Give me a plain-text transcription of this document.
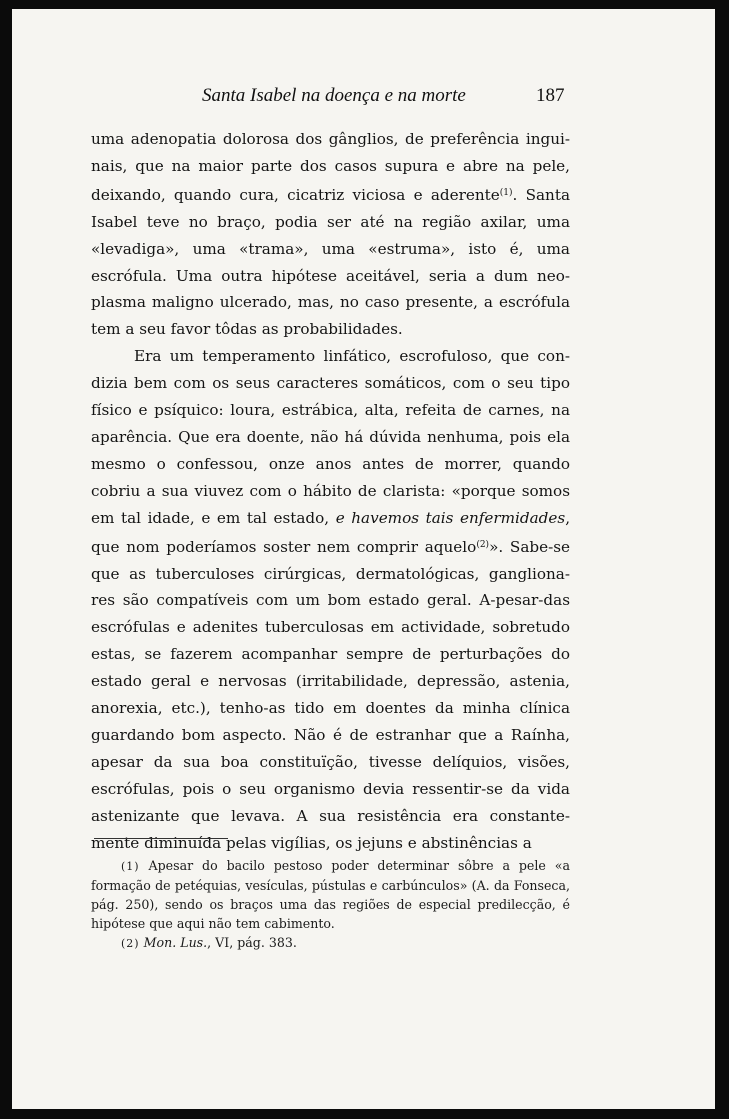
Santa Isabel na doença e na morte	187

uma adenopatia dolorosa dos gânglios, de preferência ingui-nais, que na maior parte dos casos supura e abre na pele, deixando, quando cura, cicatriz viciosa e aderente$^{(1)}$. Santa Isabel teve no braço, podia ser até na região axilar, uma «levadiga», uma «trama», uma «estruma», isto é, uma escrófula. Uma outra hipótese aceitável, seria a dum neo-plasma maligno ulcerado, mas, no caso presente, a escrófula tem a seu favor tôdas as probabilidades.

Era um temperamento linfático, escrofuloso, que con-dizia bem com os seus caracteres somáticos, com o seu tipo físico e psíquico: loura, estrábica, alta, refeita de carnes, na aparência. Que era doente, não há dúvida nenhuma, pois ela mesmo o confessou, onze anos antes de morrer, quando cobriu a sua viuvez com o hábito de clarista: «porque somos em tal idade, e em tal estado, e havemos tais enfermidades, que nom poderíamos soster nem comprir aquelo$^{(2)}$». Sabe-se que as tuberculoses cirúrgicas, dermatológicas, gangliona-res são compatíveis com um bom estado geral. A-pesar-das escrófulas e adenites tuberculosas em actividade, sobretudo estas, se fazerem acompanhar sempre de perturbações do estado geral e nervosas (irritabilidade, depressão, astenia, anorexia, etc.), tenho-as tido em doentes da minha clínica guardando bom aspecto. Não é de estranhar que a Raínha, apesar da sua boa constituïção, tivesse delíquios, visões, escrófulas, pois o seu organismo devia ressentir-se da vida astenizante que levava. A sua resistência era constante-mente diminuída pelas vigílias, os jejuns e abstinências a

(1) Apesar do bacilo pestoso poder determinar sôbre a pele «a formação de petéquias, vesículas, pústulas e carbúnculos» (A. da Fonseca, pág. 250), sendo os braços uma das regiões de especial predilecção, é hipótese que aqui não tem cabimento.

(2) Mon. Lus., VI, pág. 383.
